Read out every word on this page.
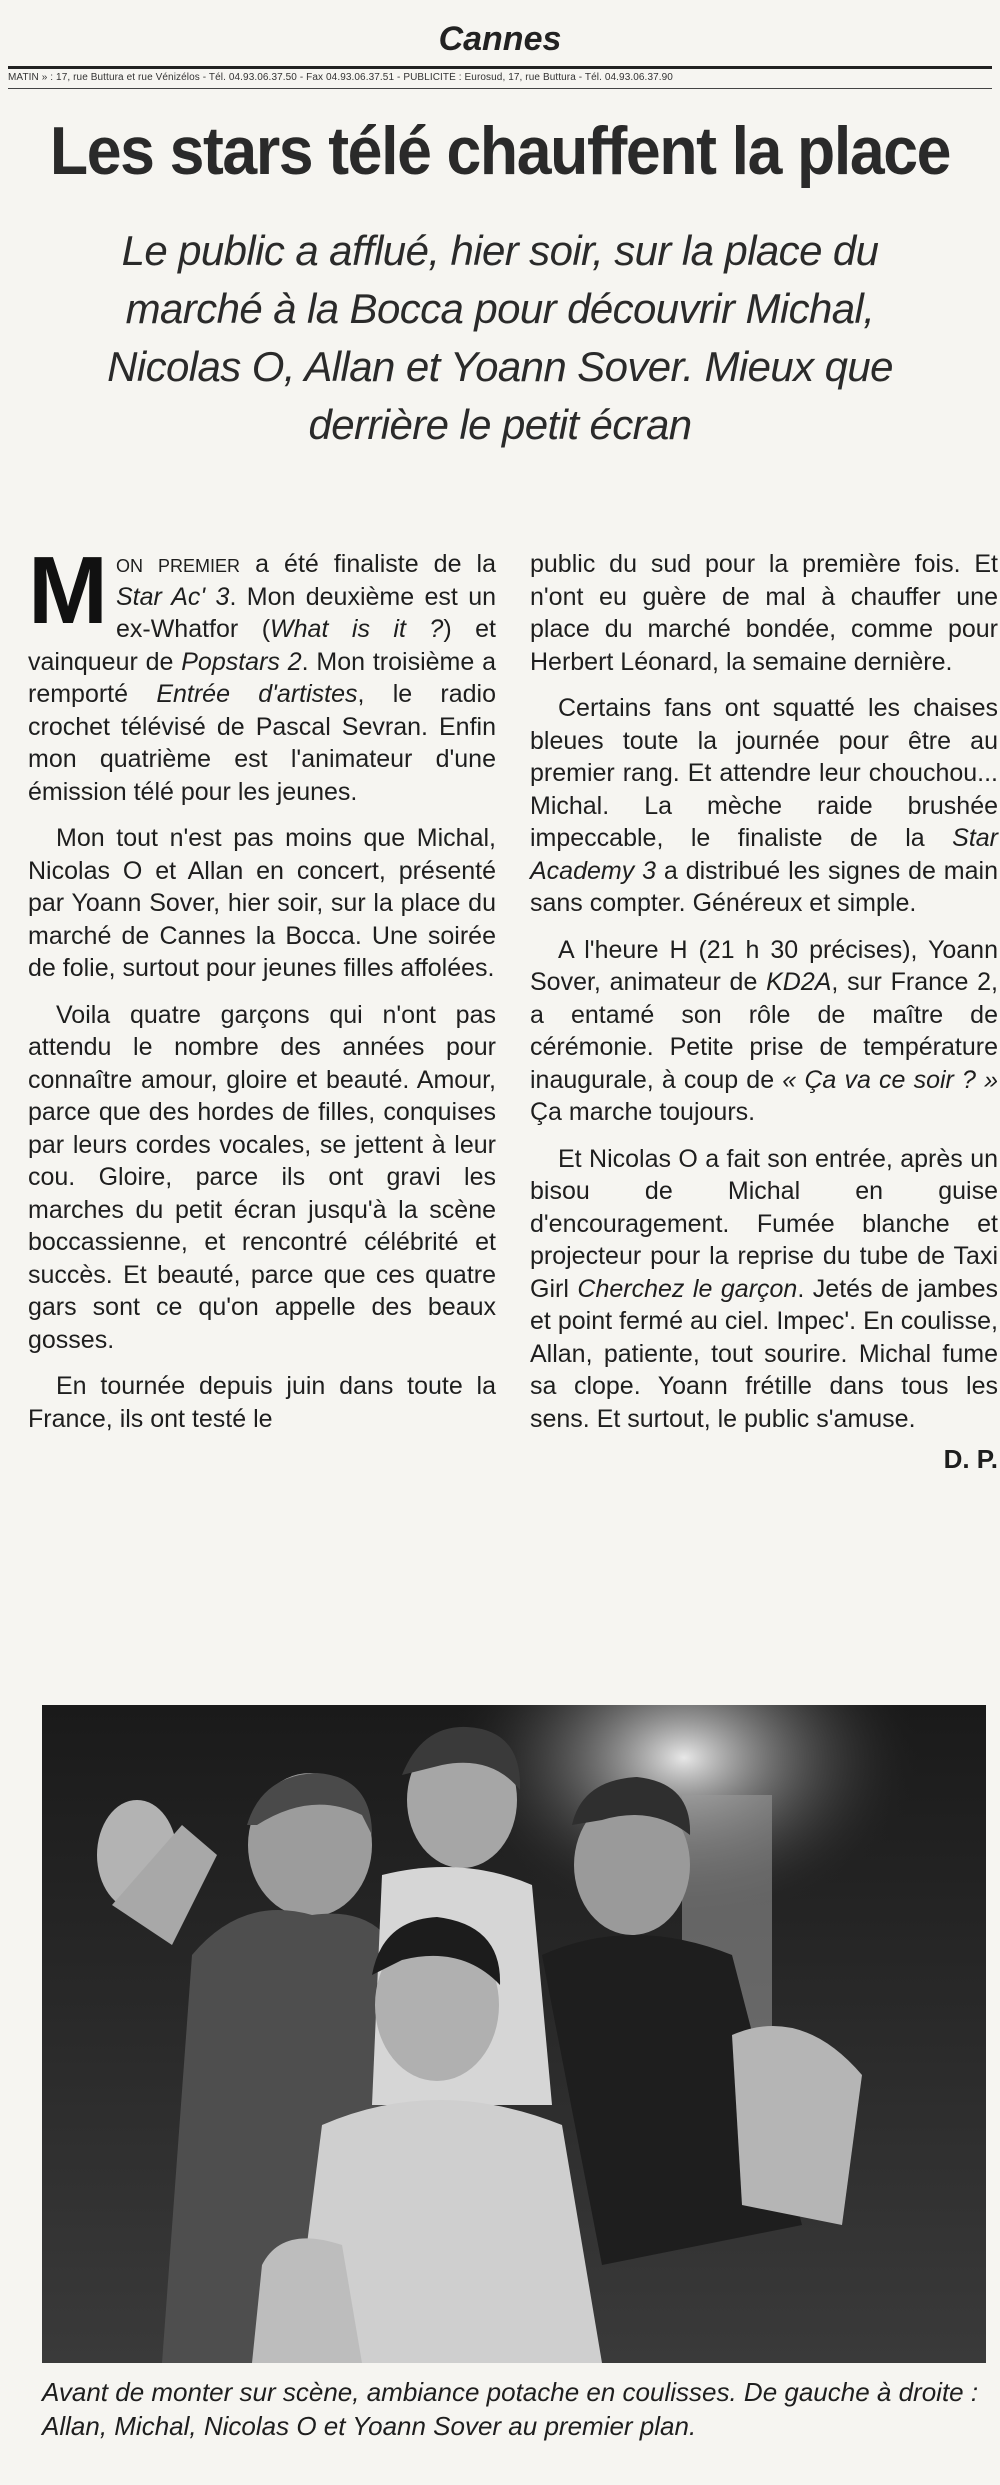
Cannes
MATIN » : 17, rue Buttura et rue Vénizélos - Tél. 04.93.06.37.50 - Fax 04.93.06.37.51 - PUBLICITÉ : Eurosud, 17, rue Buttura - Tél. 04.93.06.37.90
Les stars télé chauffent la place
Le public a afflué, hier soir, sur la place du marché à la Bocca pour découvrir Michal, Nicolas O, Allan et Yoann Sover. Mieux que derrière le petit écran

Mon premier a été finaliste de la Star Ac' 3. Mon deuxième est un ex-Whatfor (What is it ?) et vainqueur de Popstars 2. Mon troisième a remporté Entrée d'artistes, le radio crochet télévisé de Pascal Sevran. Enfin mon quatrième est l'animateur d'une émission télé pour les jeunes.

Mon tout n'est pas moins que Michal, Nicolas O et Allan en concert, présenté par Yoann Sover, hier soir, sur la place du marché de Cannes la Bocca. Une soirée de folie, surtout pour jeunes filles affolées.

Voila quatre garçons qui n'ont pas attendu le nombre des années pour connaître amour, gloire et beauté. Amour, parce que des hordes de filles, conquises par leurs cordes vocales, se jettent à leur cou. Gloire, parce ils ont gravi les marches du petit écran jusqu'à la scène boccassienne, et rencontré célébrité et succès. Et beauté, parce que ces quatre gars sont ce qu'on appelle des beaux gosses.

En tournée depuis juin dans toute la France, ils ont testé le

public du sud pour la première fois. Et n'ont eu guère de mal à chauffer une place du marché bondée, comme pour Herbert Léonard, la semaine dernière.

Certains fans ont squatté les chaises bleues toute la journée pour être au premier rang. Et attendre leur chouchou... Michal. La mèche raide brushée impeccable, le finaliste de la Star Academy 3 a distribué les signes de main sans compter. Généreux et simple.

A l'heure H (21 h 30 précises), Yoann Sover, animateur de KD2A, sur France 2, a entamé son rôle de maître de cérémonie. Petite prise de température inaugurale, à coup de « Ça va ce soir ? » Ça marche toujours.

Et Nicolas O a fait son entrée, après un bisou de Michal en guise d'encouragement. Fumée blanche et projecteur pour la reprise du tube de Taxi Girl Cherchez le garçon. Jetés de jambes et point fermé au ciel. Impec'. En coulisse, Allan, patiente, tout sourire. Michal fume sa clope. Yoann frétille dans tous les sens. Et surtout, le public s'amuse.

D. P.
Avant de monter sur scène, ambiance potache en coulisses. De gauche à droite : Allan, Michal, Nicolas O et Yoann Sover au premier plan.
